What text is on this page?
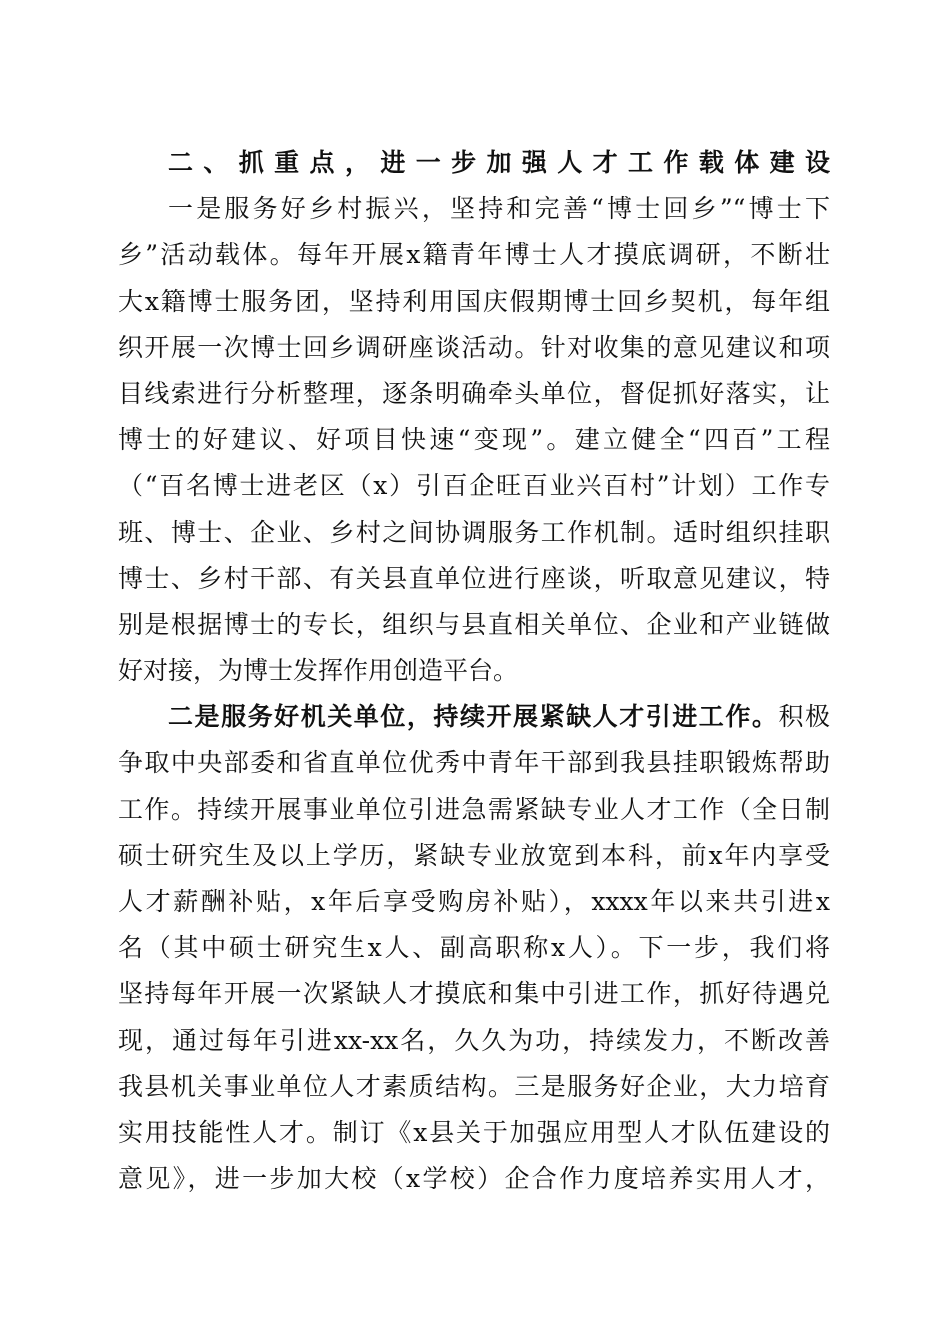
二、抓重点，进一步加强人才工作载体建设
一是服务好乡村振兴，坚持和完善“博士回乡”“博士下
乡”活动载体。每年开展x籍青年博士人才摸底调研，不断壮
大x籍博士服务团，坚持利用国庆假期博士回乡契机，每年组
织开展一次博士回乡调研座谈活动。针对收集的意见建议和项
目线索进行分析整理，逐条明确牵头单位，督促抓好落实，让
博士的好建议、好项目快速“变现”。建立健全“四百”工程
（“百名博士进老区（x）引百企旺百业兴百村”计划）工作专
班、博士、企业、乡村之间协调服务工作机制。适时组织挂职
博士、乡村干部、有关县直单位进行座谈，听取意见建议，特
别是根据博士的专长，组织与县直相关单位、企业和产业链做
好对接，为博士发挥作用创造平台。
二是服务好机关单位，持续开展紧缺人才引进工作。积极
争取中央部委和省直单位优秀中青年干部到我县挂职锻炼帮助
工作。持续开展事业单位引进急需紧缺专业人才工作（全日制
硕士研究生及以上学历，紧缺专业放宽到本科，前x年内享受
人才薪酬补贴，x年后享受购房补贴），xxxx年以来共引进x
名（其中硕士研究生x人、副高职称x人）。下一步，我们将
坚持每年开展一次紧缺人才摸底和集中引进工作，抓好待遇兑
现，通过每年引进xx-xx名，久久为功，持续发力，不断改善
我县机关事业单位人才素质结构。三是服务好企业，大力培育
实用技能性人才。制订《x县关于加强应用型人才队伍建设的
意见》，进一步加大校（x学校）企合作力度培养实用人才，
